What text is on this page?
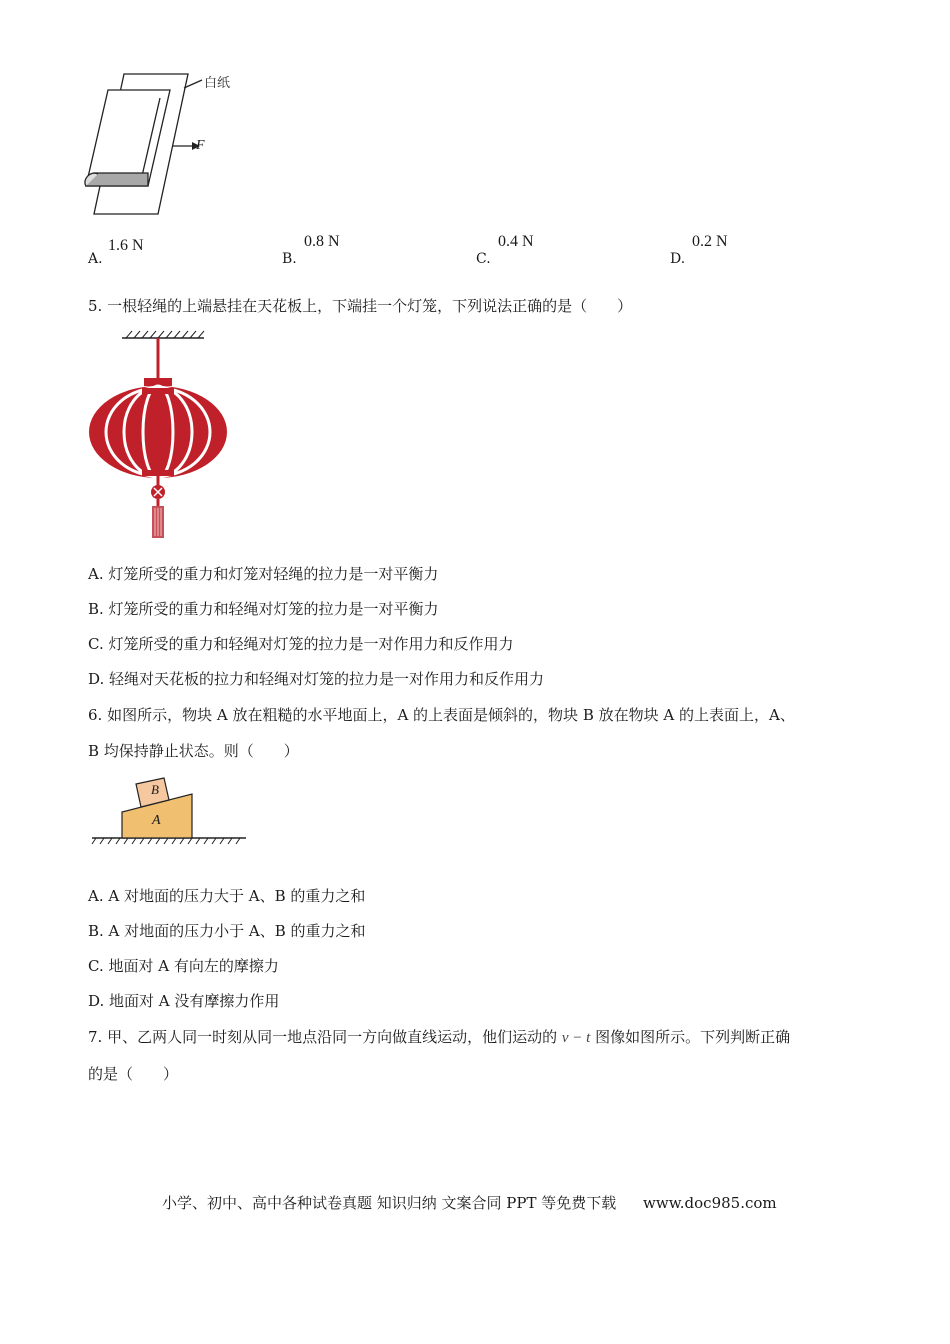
白纸
F
A.
1.6 N
B.
0.8 N
C.
0.4 N
D.
0.2 N
5. 一根轻绳的上端悬挂在天花板上，下端挂一个灯笼，下列说法正确的是（　　）
A. 灯笼所受的重力和灯笼对轻绳的拉力是一对平衡力
B. 灯笼所受的重力和轻绳对灯笼的拉力是一对平衡力
C. 灯笼所受的重力和轻绳对灯笼的拉力是一对作用力和反作用力
D. 轻绳对天花板的拉力和轻绳对灯笼的拉力是一对作用力和反作用力
6. 如图所示，物块 A 放在粗糙的水平地面上，A 的上表面是倾斜的，物块 B 放在物块 A 的上表面上，A、
B 均保持静止状态。则（　　）
A
B
A. A 对地面的压力大于 A、B 的重力之和
B. A 对地面的压力小于 A、B 的重力之和
C. 地面对 A 有向左的摩擦力
D. 地面对 A 没有摩擦力作用
7. 甲、乙两人同一时刻从同一地点沿同一方向做直线运动，他们运动的 v − t 图像如图所示。下列判断正确
的是（　　）
小学、初中、高中各种试卷真题 知识归纳 文案合同 PPT 等免费下载 www.doc985.com
